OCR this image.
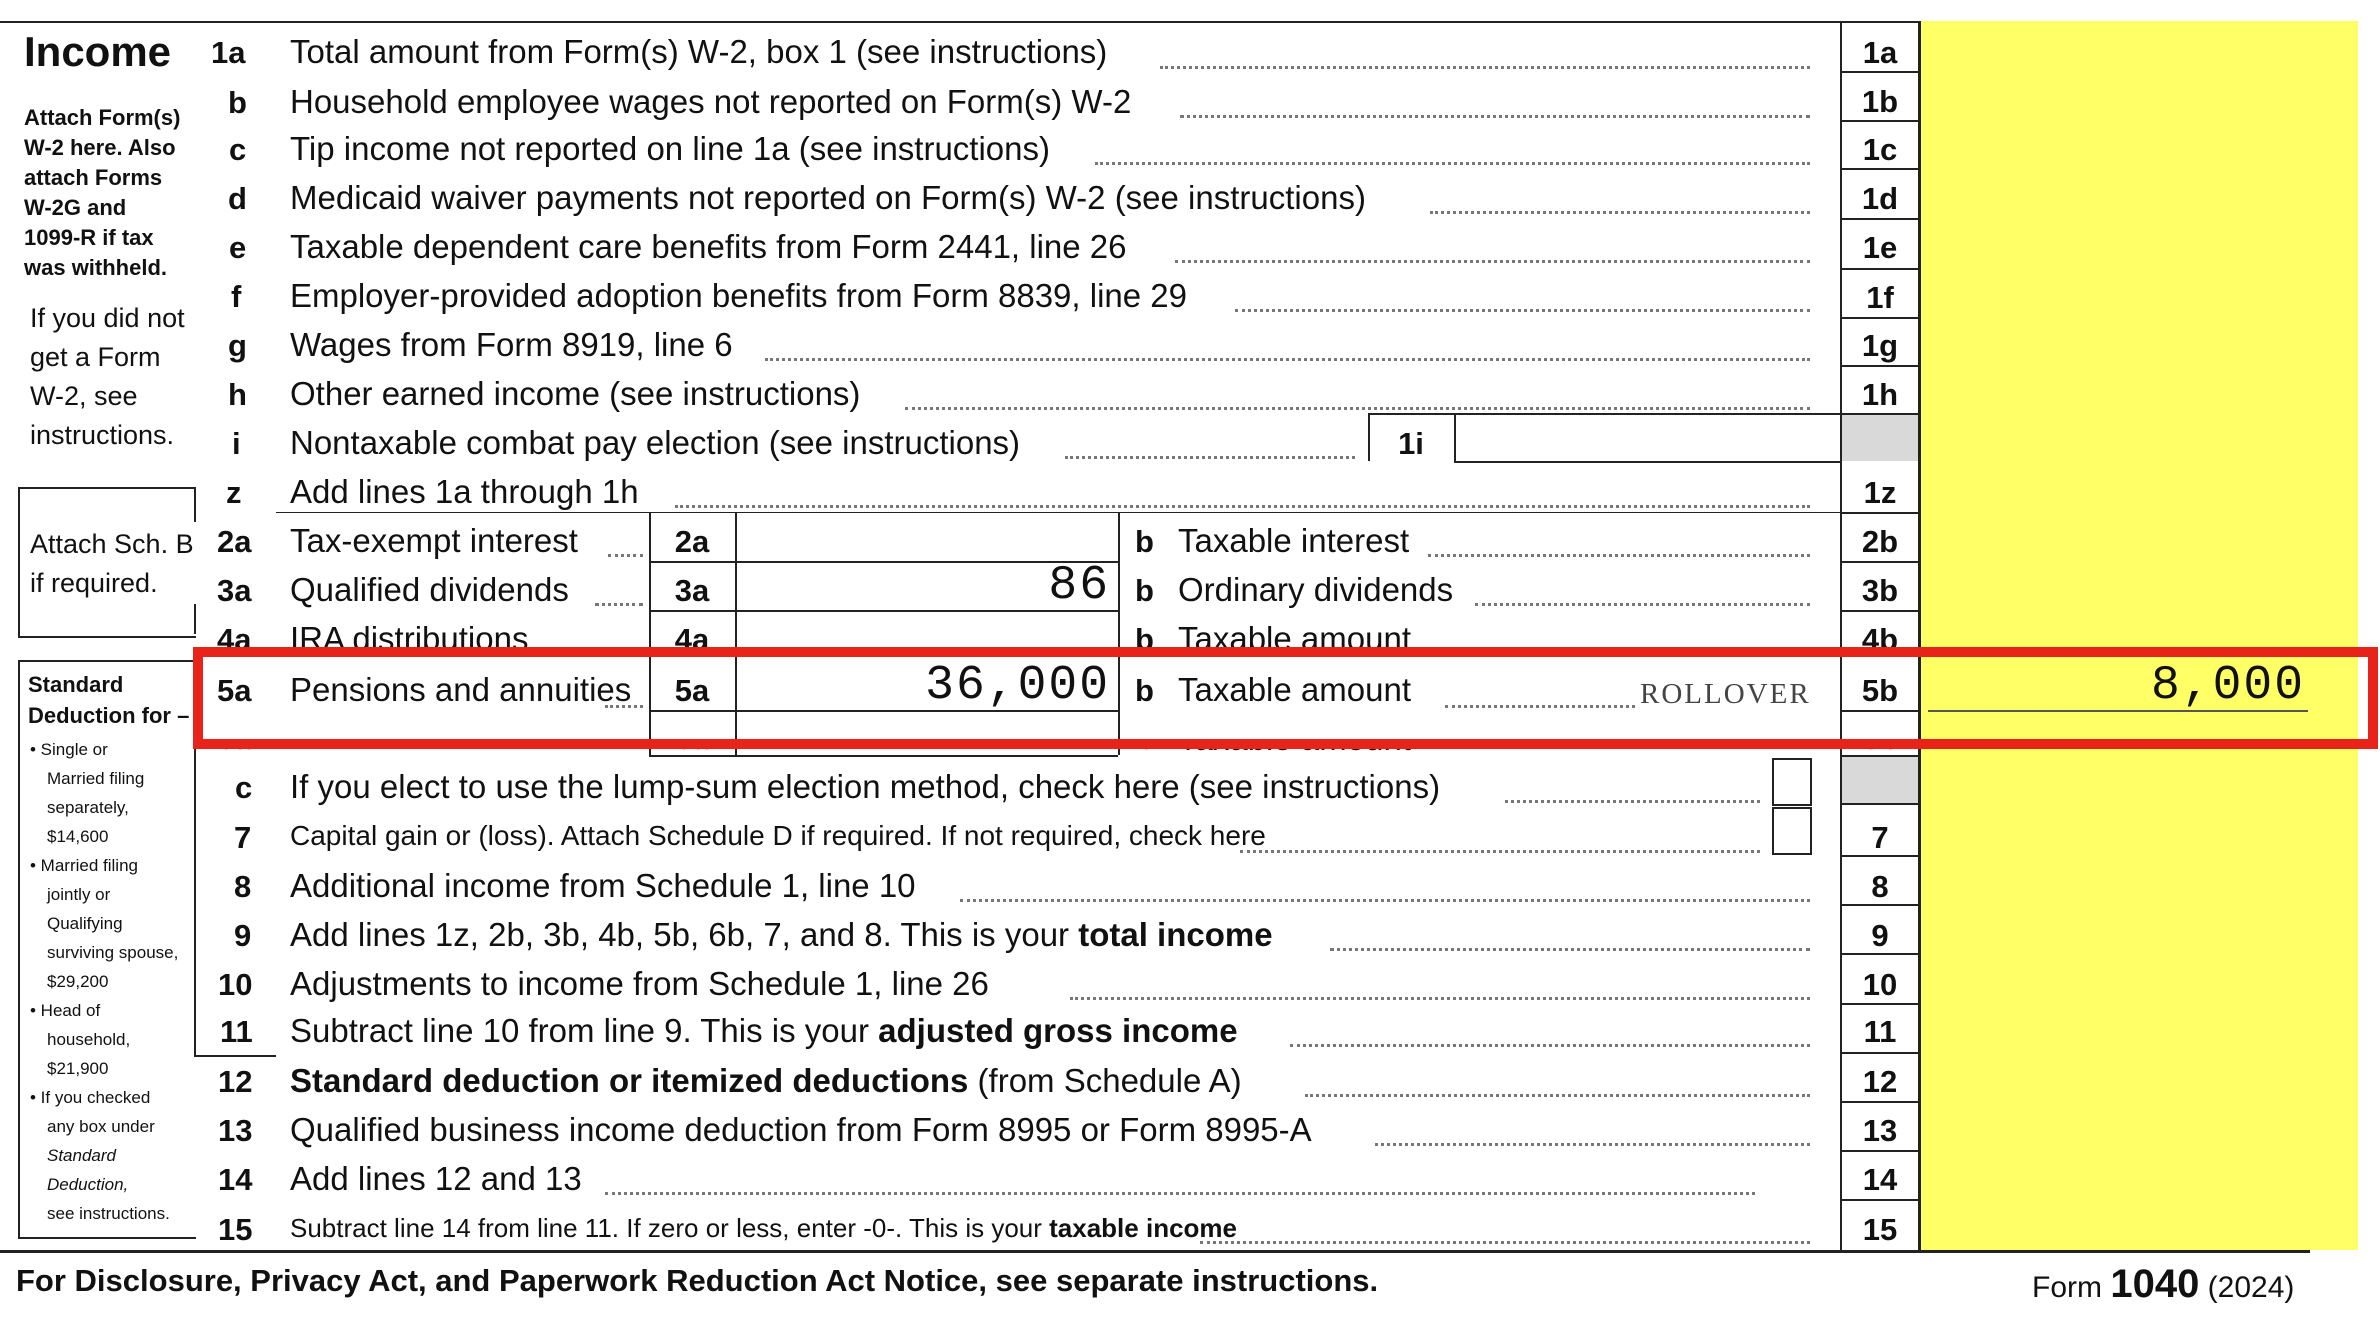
Income
Attach Form(s)
W-2 here. Also
attach Forms
W-2G and
1099-R if tax
was withheld.
If you did not
get a Form
W-2, see
instructions.
Attach Sch. B
if required.
Standard
Deduction for –
• Single or
Married filing
separately,
$14,600
• Married filing
jointly or
Qualifying
surviving spouse,
$29,200
• Head of
household,
$21,900
• If you checked
any box under
Standard
Deduction,
see instructions.
1a Total amount from Form(s) W-2, box 1 (see instructions)	1a
b Household employee wages not reported on Form(s) W-2	1b
c Tip income not reported on line 1a (see instructions)	1c
d Medicaid waiver payments not reported on Form(s) W-2 (see instructions)	1d
e Taxable dependent care benefits from Form 2441, line 26	1e
f Employer-provided adoption benefits from Form 8839, line 29	1f
g Wages from Form 8919, line 6	1g
h Other earned income (see instructions)	1h
i Nontaxable combat pay election (see instructions)	1i
z Add lines 1a through 1h	1z
2a Tax-exempt interest	2a	b Taxable interest	2b
3a Qualified dividends	3a	86 b Ordinary dividends	3b
4a IRA distributions	4a	b Taxable amount	4b
5a Pensions and annuities	5a	36,000 b Taxable amount	ROLLOVER	5b	8,000
c If you elect to use the lump-sum election method, check here (see instructions)
7 Capital gain or (loss). Attach Schedule D if required. If not required, check here	7
8 Additional income from Schedule 1, line 10	8
9 Add lines 1z, 2b, 3b, 4b, 5b, 6b, 7, and 8. This is your total income	9
10 Adjustments to income from Schedule 1, line 26	10
11 Subtract line 10 from line 9. This is your adjusted gross income	11
12 Standard deduction or itemized deductions (from Schedule A)	12
13 Qualified business income deduction from Form 8995 or Form 8995-A	13
14 Add lines 12 and 13	14
15 Subtract line 14 from line 11. If zero or less, enter -0-. This is your taxable income	15
For Disclosure, Privacy Act, and Paperwork Reduction Act Notice, see separate instructions.	Form 1040 (2024)
